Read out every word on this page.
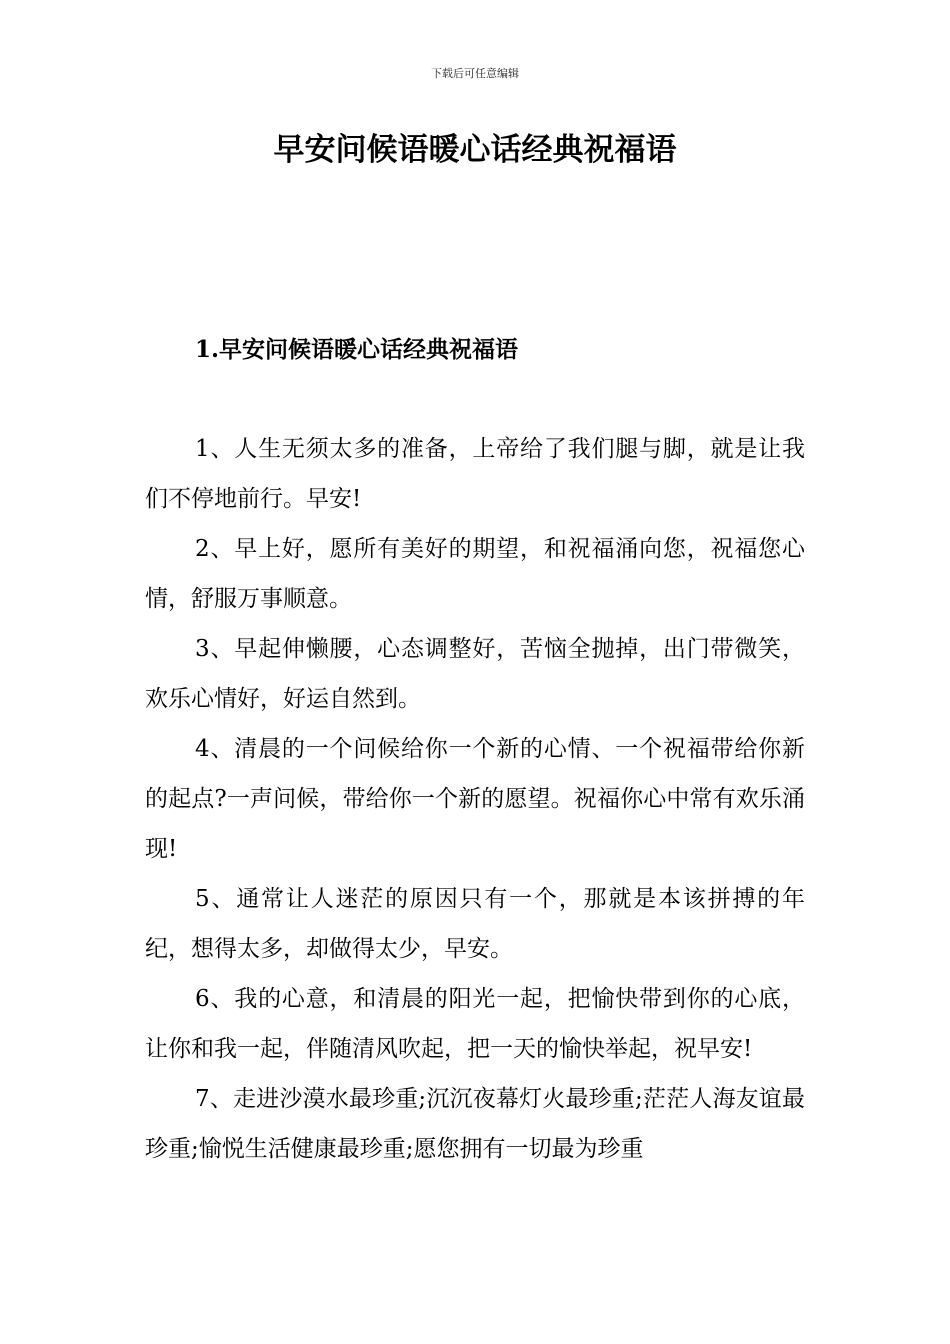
下载后可任意编辑
早安问候语暖心话经典祝福语
1.早安问候语暖心话经典祝福语

1、人生无须太多的准备，上帝给了我们腿与脚，就是让我们不停地前行。早安!

2、早上好，愿所有美好的期望，和祝福涌向您，祝福您心情，舒服万事顺意。

3、早起伸懒腰，心态调整好，苦恼全抛掉，出门带微笑，欢乐心情好，好运自然到。

4、清晨的一个问候给你一个新的心情、一个祝福带给你新的起点?一声问候，带给你一个新的愿望。祝福你心中常有欢乐涌现!

5、通常让人迷茫的原因只有一个，那就是本该拼搏的年纪，想得太多，却做得太少，早安。

6、我的心意，和清晨的阳光一起，把愉快带到你的心底，让你和我一起，伴随清风吹起，把一天的愉快举起，祝早安!

7、走进沙漠水最珍重;沉沉夜幕灯火最珍重;茫茫人海友谊最珍重;愉悦生活健康最珍重;愿您拥有一切最为珍重
